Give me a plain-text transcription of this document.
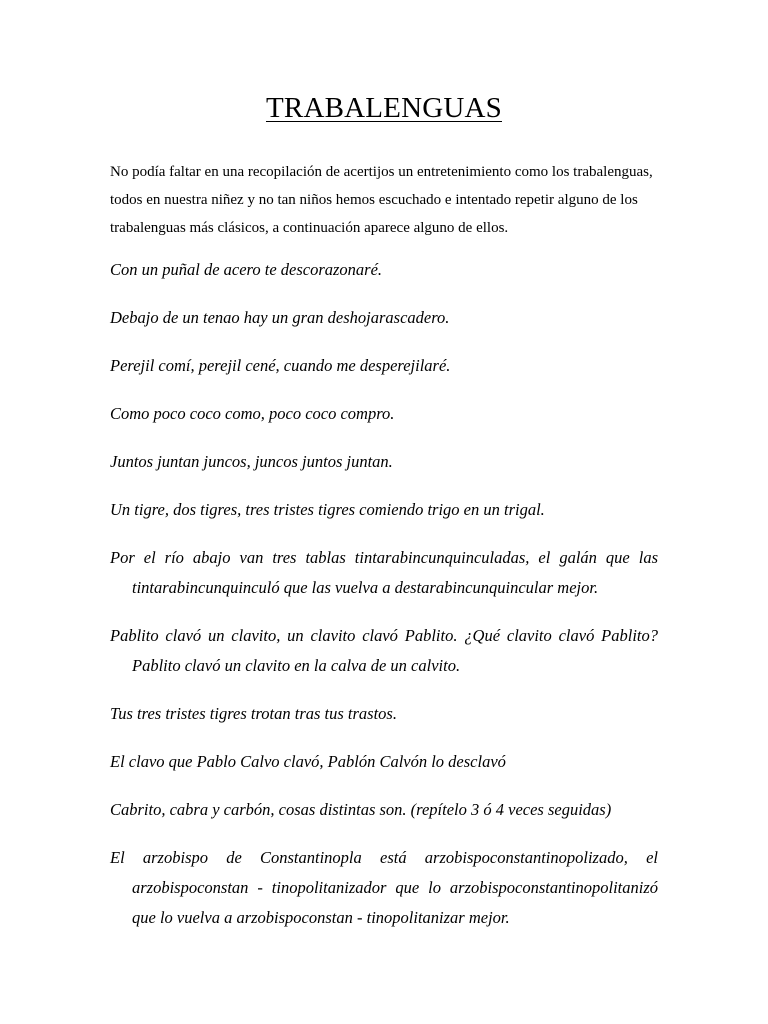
TRABALENGUAS
No podía faltar en una recopilación de acertijos un entretenimiento como los trabalenguas, todos en nuestra niñez y no tan niños hemos escuchado e intentado repetir alguno de los trabalenguas más clásicos, a continuación aparece alguno de ellos.

Con un puñal de acero te descorazonaré.

Debajo de un tenao hay un gran deshojarascadero.

Perejil comí, perejil cené, cuando me desperejilaré.

Como poco coco como, poco coco compro.

Juntos juntan juncos, juncos juntos juntan.

Un tigre, dos tigres, tres tristes tigres comiendo trigo en un trigal.

Por el río abajo van tres tablas tintarabincunquinculadas, el galán que las tintarabincunquinculó que las vuelva a destarabincunquincular mejor.

Pablito clavó un clavito, un clavito clavó Pablito. ¿Qué clavito clavó Pablito? Pablito clavó un clavito en la calva de un calvito.

Tus tres tristes tigres trotan tras tus trastos.

El clavo que Pablo Calvo clavó, Pablón Calvón lo desclavó

Cabrito, cabra y carbón, cosas distintas son. (repítelo 3 ó 4 veces seguidas)

El arzobispo de Constantinopla está arzobispoconstantinopolizado, el arzobispoconstan - tinopolitanizador que lo arzobispoconstantinopolitanizó que lo vuelva a arzobispoconstan - tinopolitanizar mejor.
